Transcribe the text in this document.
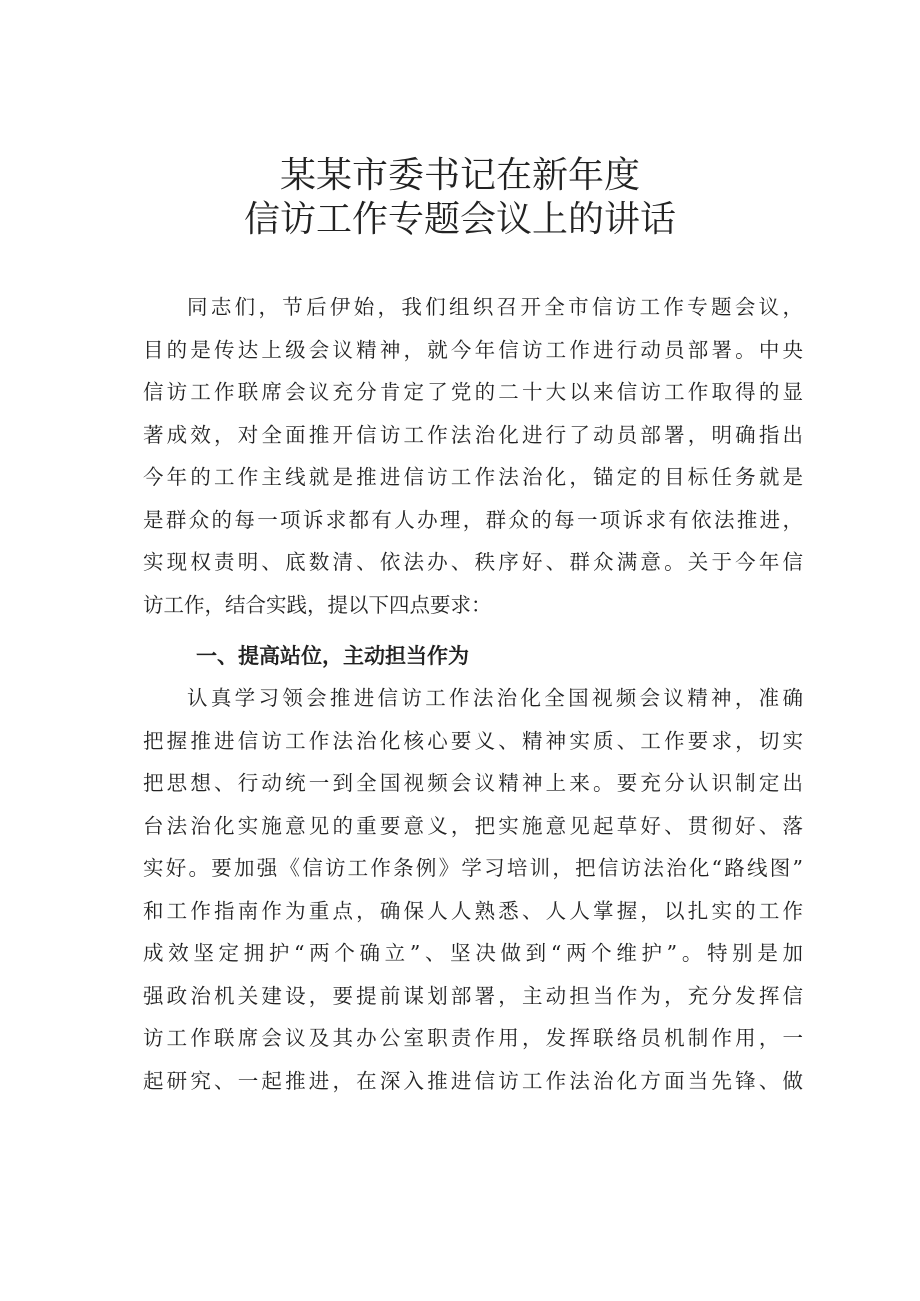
某某市委书记在新年度
信访工作专题会议上的讲话
同志们，节后伊始，我们组织召开全市信访工作专题会议，
目的是传达上级会议精神，就今年信访工作进行动员部署。中央
信访工作联席会议充分肯定了党的二十大以来信访工作取得的显
著成效，对全面推开信访工作法治化进行了动员部署，明确指出
今年的工作主线就是推进信访工作法治化，锚定的目标任务就是
是群众的每一项诉求都有人办理，群众的每一项诉求有依法推进，
实现权责明、底数清、依法办、秩序好、群众满意。关于今年信
访工作，结合实践，提以下四点要求：
一、提高站位，主动担当作为
认真学习领会推进信访工作法治化全国视频会议精神，准确
把握推进信访工作法治化核心要义、精神实质、工作要求，切实
把思想、行动统一到全国视频会议精神上来。要充分认识制定出
台法治化实施意见的重要意义，把实施意见起草好、贯彻好、落
实好。要加强《信访工作条例》学习培训，把信访法治化“路线图”
和工作指南作为重点，确保人人熟悉、人人掌握，以扎实的工作
成效坚定拥护“两个确立”、坚决做到“两个维护”。特别是加
强政治机关建设，要提前谋划部署，主动担当作为，充分发挥信
访工作联席会议及其办公室职责作用，发挥联络员机制作用，一
起研究、一起推进，在深入推进信访工作法治化方面当先锋、做
